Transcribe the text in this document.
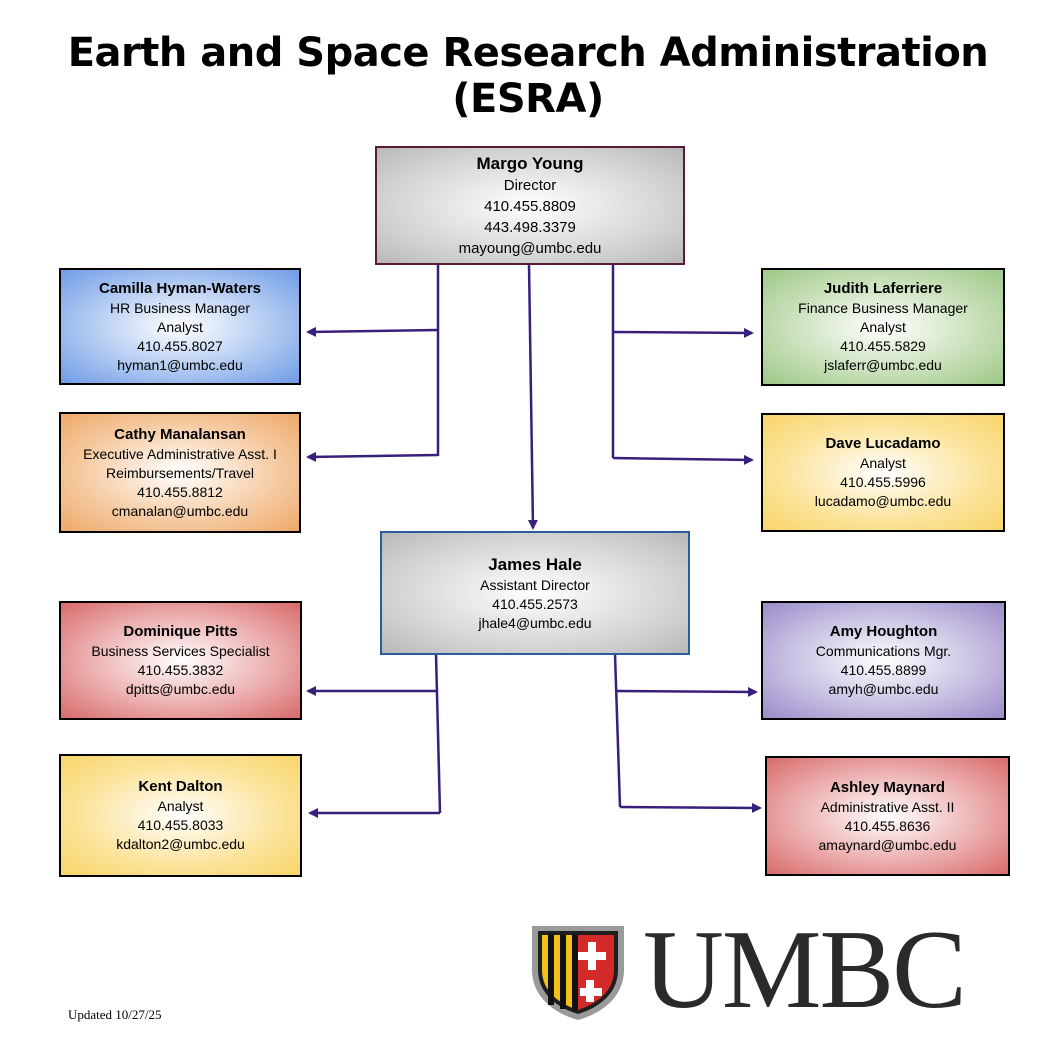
Earth and Space Research Administration (ESRA)
Margo Young
Director
410.455.8809
443.498.3379
mayoung@umbc.edu
Camilla Hyman-Waters
HR Business Manager
Analyst
410.455.8027
hyman1@umbc.edu
Cathy Manalansan
Executive Administrative Asst. I
Reimbursements/Travel
410.455.8812
cmanalan@umbc.edu
Judith Laferriere
Finance Business Manager
Analyst
410.455.5829
jslaferr@umbc.edu
Dave Lucadamo
Analyst
410.455.5996
lucadamo@umbc.edu
James Hale
Assistant Director
410.455.2573
jhale4@umbc.edu
Dominique Pitts
Business Services Specialist
410.455.3832
dpitts@umbc.edu
Kent Dalton
Analyst
410.455.8033
kdalton2@umbc.edu
Amy Houghton
Communications Mgr.
410.455.8899
amyh@umbc.edu
Ashley Maynard
Administrative Asst. II
410.455.8636
amaynard@umbc.edu
UMBC
Updated 10/27/25
